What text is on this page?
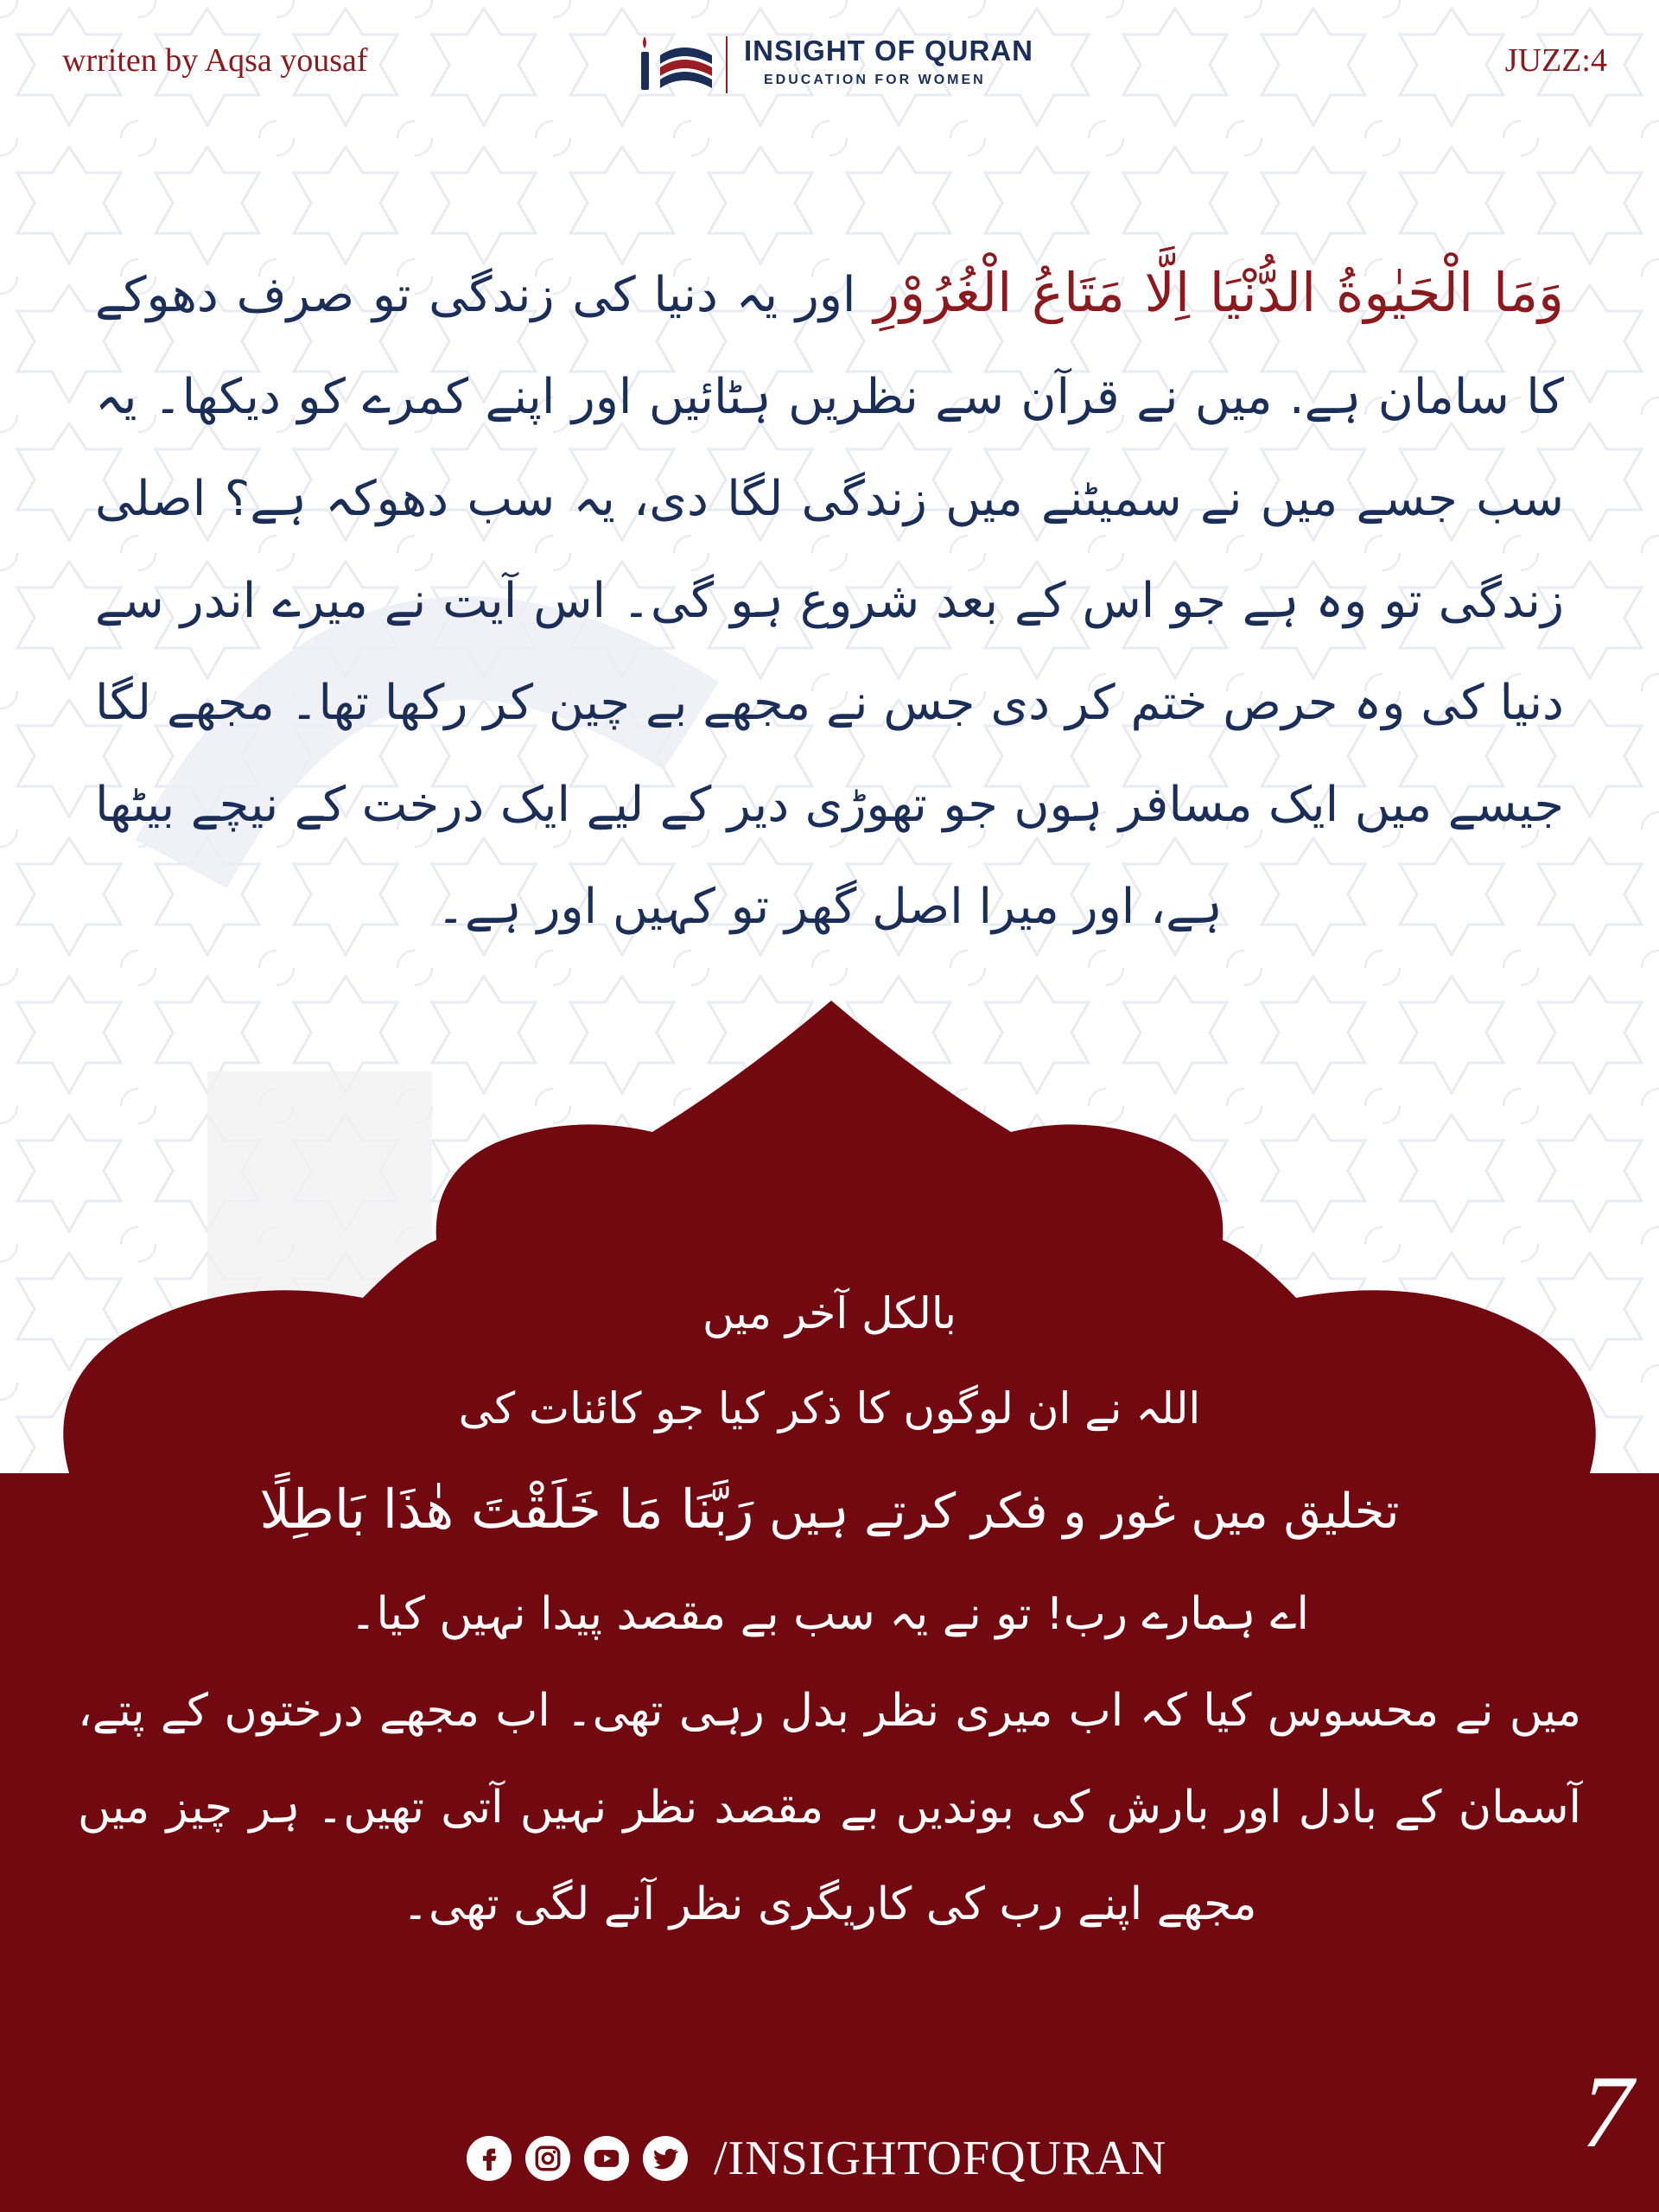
wrriten by Aqsa yousaf	JUZZ:4
INSIGHT OF QURAN
EDUCATION FOR WOMEN
وَمَا الْحَيٰوةُ الدُّنْيَا اِلَّا مَتَاعُ الْغُرُوْرِ اور یہ دنیا کی زندگی تو صرف دھوکے کا سامان ہے. میں نے قرآن سے نظریں ہٹائیں اور اپنے کمرے کو دیکھا۔ یہ سب جسے میں نے سمیٹنے میں زندگی لگا دی، یہ سب دھوکہ ہے؟ اصلی زندگی تو وہ ہے جو اس کے بعد شروع ہو گی۔ اس آیت نے میرے اندر سے دنیا کی وہ حرص ختم کر دی جس نے مجھے بے چین کر رکھا تھا۔ مجھے لگا جیسے میں ایک مسافر ہوں جو تھوڑی دیر کے لیے ایک درخت کے نیچے بیٹھا ہے، اور میرا اصل گھر تو کہیں اور ہے۔

بالکل آخر میں

اللہ نے ان لوگوں کا ذکر کیا جو کائنات کی

تخلیق میں غور و فکر کرتے ہیں رَبَّنَا مَا خَلَقْتَ هٰذَا بَاطِلًا

اے ہمارے رب! تو نے یہ سب بے مقصد پیدا نہیں کیا۔

میں نے محسوس کیا کہ اب میری نظر بدل رہی تھی۔ اب مجھے درختوں کے پتے، آسمان کے بادل اور بارش کی بوندیں بے مقصد نظر نہیں آتی تھیں۔ ہر چیز میں مجھے اپنے رب کی کاریگری نظر آنے لگی تھی۔

7
/INSIGHTOFQURAN
